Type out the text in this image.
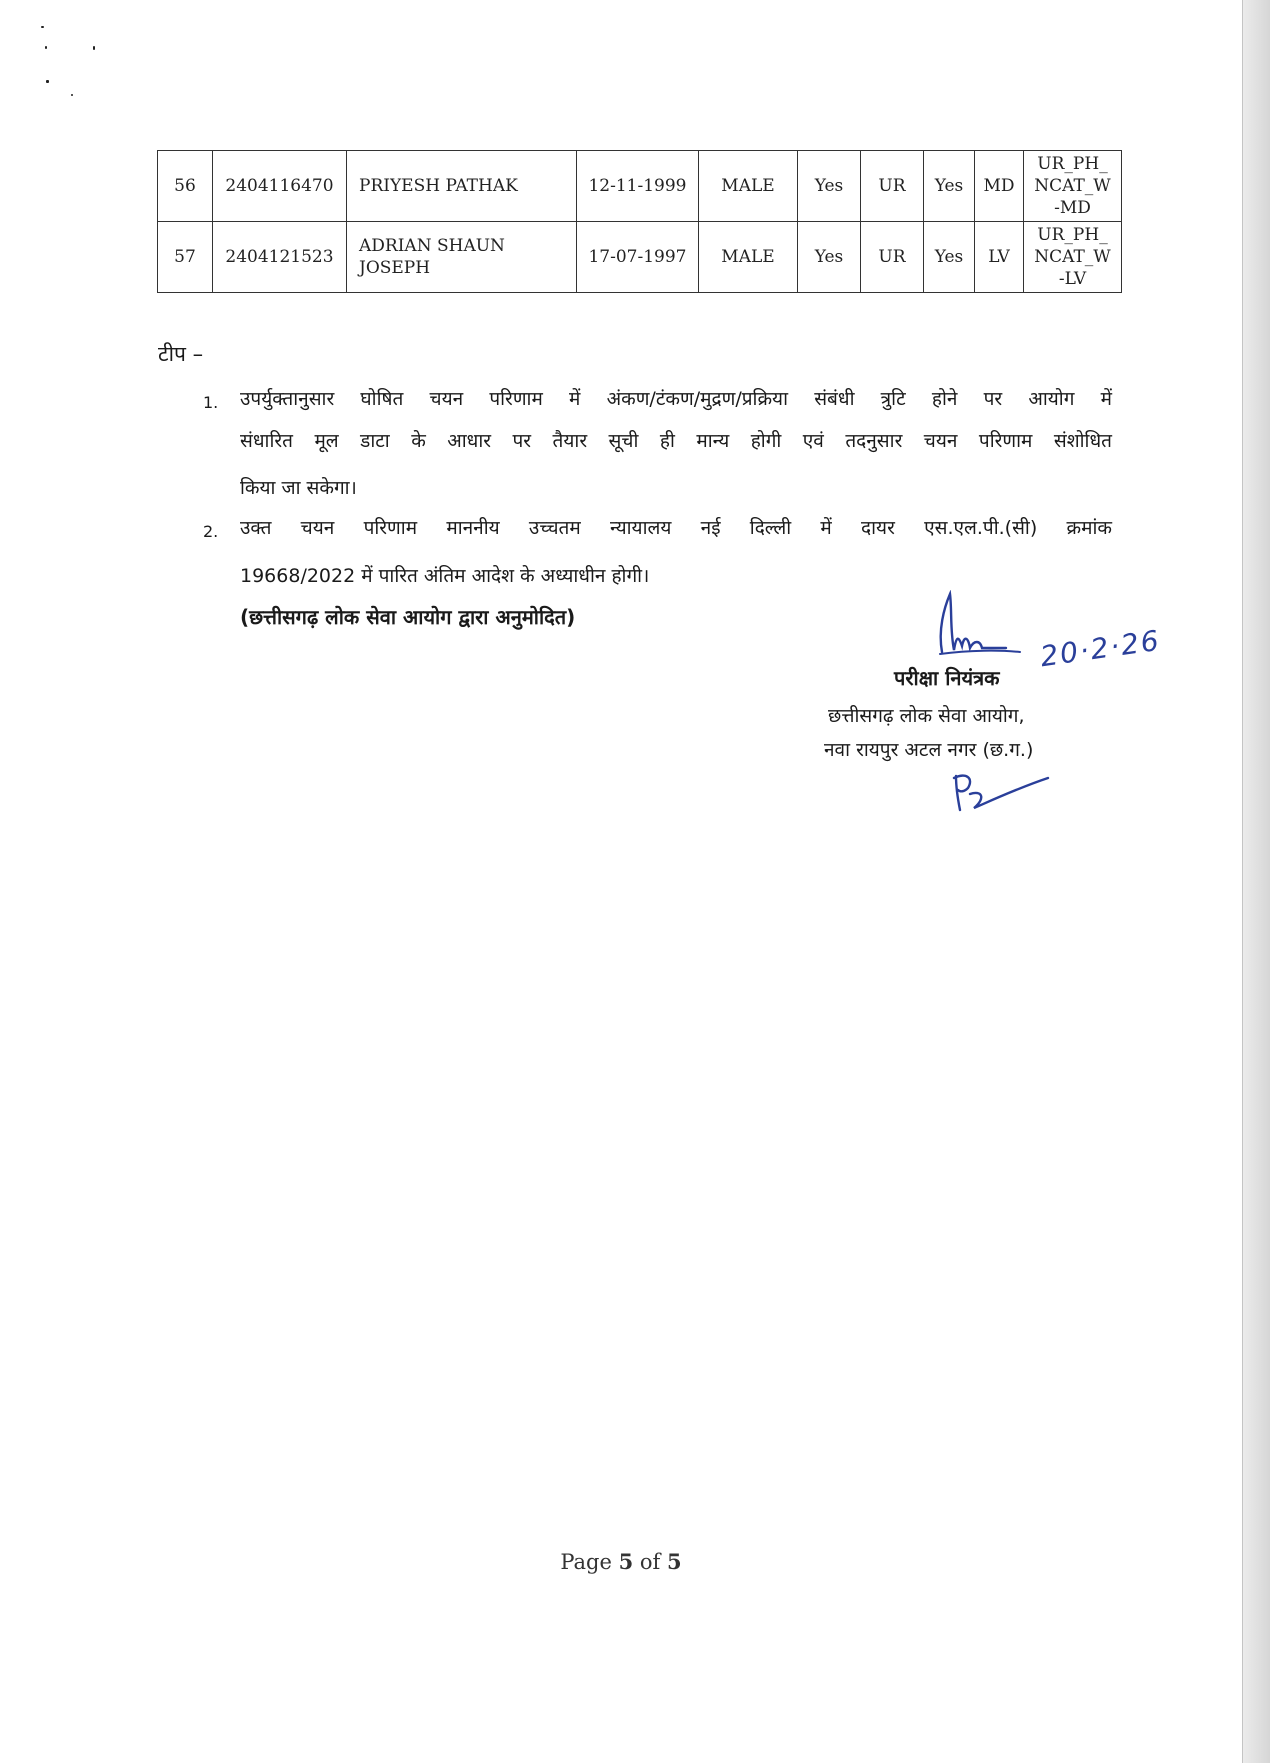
56	2404116470	PRIYESH PATHAK	12-11-1999	MALE	Yes	UR	Yes	MD	UR_PH_
NCAT_W
-MD

57	2404121523	ADRIAN SHAUN JOSEPH	17-07-1997	MALE	Yes	UR	Yes	LV	UR_PH_
NCAT_W
-LV
टीप –
1. उपर्युक्तानुसार घोषित चयन परिणाम में अंकण/टंकण/मुद्रण/प्रक्रिया संबंधी त्रुटि होने पर आयोग में
संधारित मूल डाटा के आधार पर तैयार सूची ही मान्य होगी एवं तदनुसार चयन परिणाम संशोधित
किया जा सकेगा।
2. उक्त चयन परिणाम माननीय उच्चतम न्यायालय नई दिल्ली में दायर एस.एल.पी.(सी) क्रमांक
19668/2022 में पारित अंतिम आदेश के अध्याधीन होगी।
(छत्तीसगढ़ लोक सेवा आयोग द्वारा अनुमोदित)
20·2·26
परीक्षा नियंत्रक
छत्तीसगढ़ लोक सेवा आयोग,
नवा रायपुर अटल नगर (छ.ग.)
Page 5 of 5
